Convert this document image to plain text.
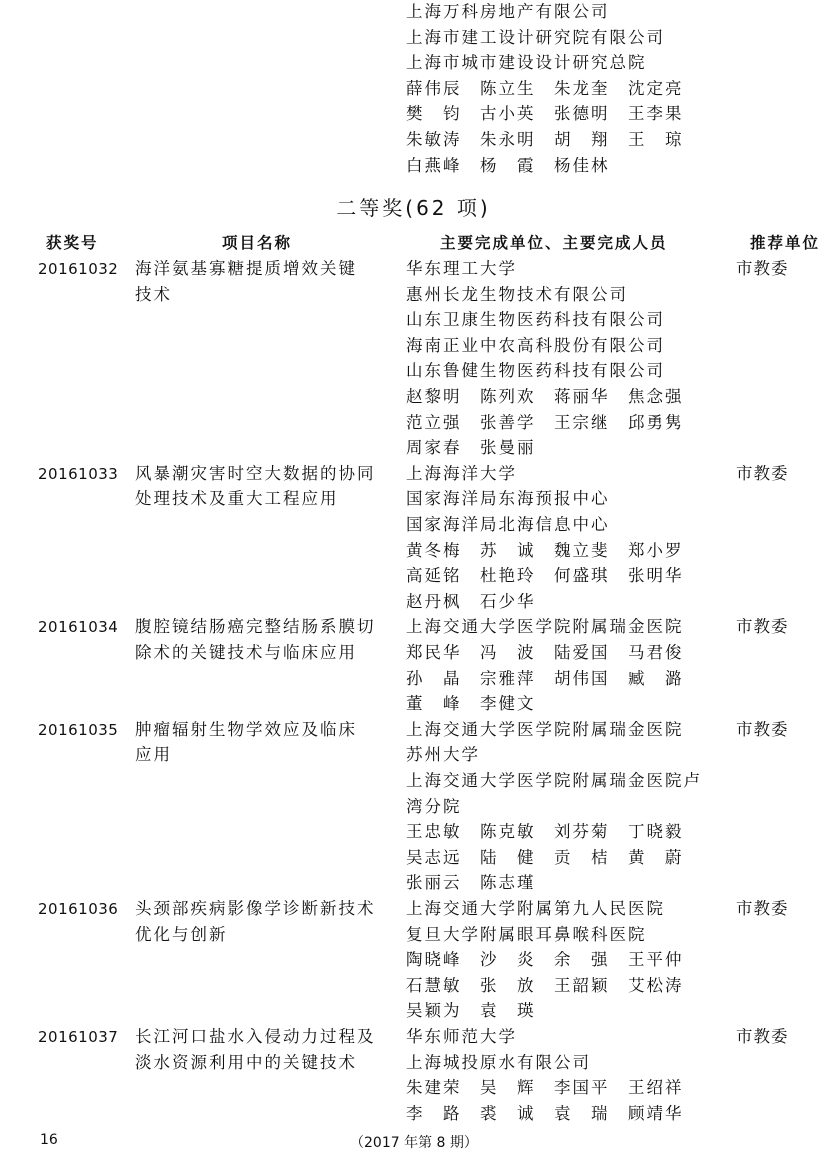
上海万科房地产有限公司
上海市建工设计研究院有限公司
上海市城市建设设计研究总院
薛伟辰　陈立生　朱龙奎　沈定亮
樊　钧　古小英　张德明　王李果
朱敏涛　朱永明　胡　翔　王　琼
白燕峰　杨　霞　杨佳林
二等奖(62 项)
获奖号	项目名称	主要完成单位、主要完成人员	推荐单位
20161032 海洋氨基寡糖提质增效关键
技术
华东理工大学
惠州长龙生物技术有限公司
山东卫康生物医药科技有限公司
海南正业中农高科股份有限公司
山东鲁健生物医药科技有限公司
赵黎明　陈列欢　蒋丽华　焦念强
范立强　张善学　王宗继　邱勇隽
周家春　张曼丽
市教委
20161033 风暴潮灾害时空大数据的协同
处理技术及重大工程应用
上海海洋大学
国家海洋局东海预报中心
国家海洋局北海信息中心
黄冬梅　苏　诚　魏立斐　郑小罗
高延铭　杜艳玲　何盛琪　张明华
赵丹枫　石少华
市教委
20161034 腹腔镜结肠癌完整结肠系膜切
除术的关键技术与临床应用
上海交通大学医学院附属瑞金医院
郑民华　冯　波　陆爱国　马君俊
孙　晶　宗雅萍　胡伟国　臧　潞
董　峰　李健文
市教委
20161035 肿瘤辐射生物学效应及临床
应用
上海交通大学医学院附属瑞金医院
苏州大学
上海交通大学医学院附属瑞金医院卢
湾分院
王忠敏　陈克敏　刘芬菊　丁晓毅
吴志远　陆　健　贡　桔　黄　蔚
张丽云　陈志瑾
市教委
20161036 头颈部疾病影像学诊断新技术
优化与创新
上海交通大学附属第九人民医院
复旦大学附属眼耳鼻喉科医院
陶晓峰　沙　炎　余　强　王平仲
石慧敏　张　放　王韶颖　艾松涛
吴颖为　袁　瑛
市教委
20161037 长江河口盐水入侵动力过程及
淡水资源利用中的关键技术
华东师范大学
上海城投原水有限公司
朱建荣　吴　辉　李国平　王绍祥
李　路　裘　诚　袁　瑞　顾靖华
市教委
16	（2017 年第 8 期）
